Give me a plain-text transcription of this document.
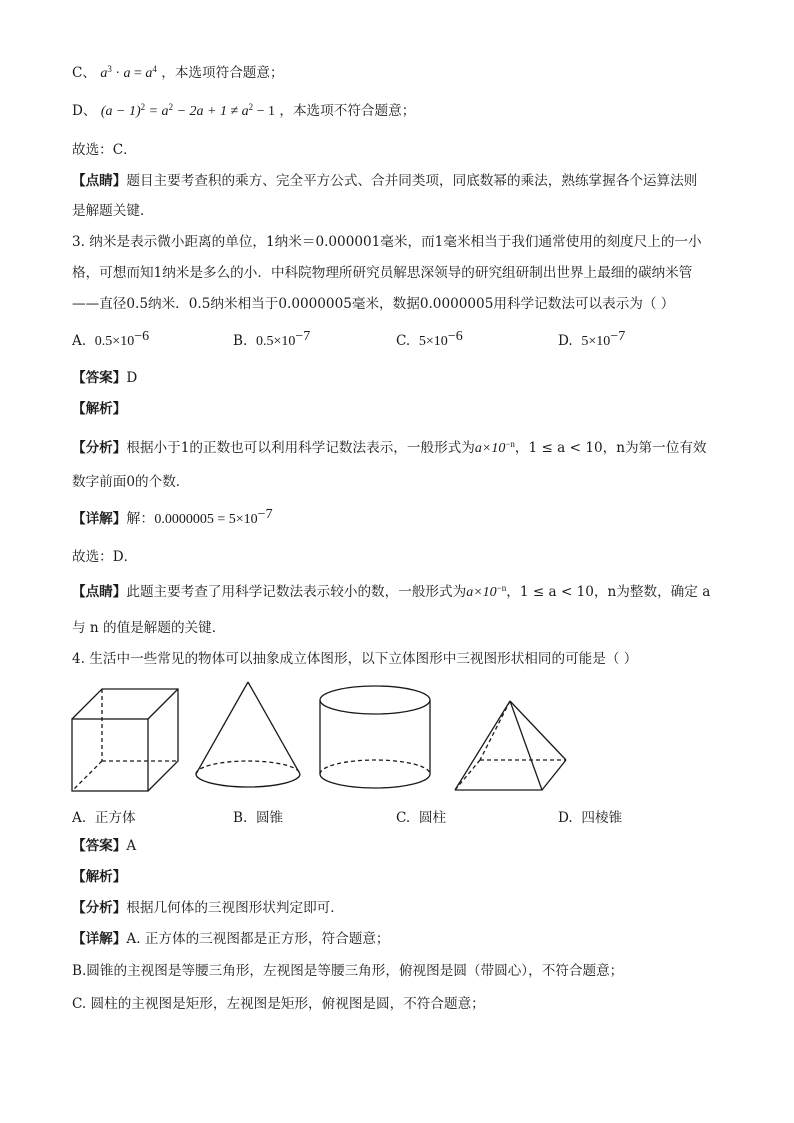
C、 $a^3 \cdot a = a^4$ ，本选项符合题意；
D、 $(a - 1)^2 = a^2 - 2a + 1 \ne a^2 - 1$ ，本选项不符合题意；
故选：C．
【点睛】题目主要考查积的乘方、完全平方公式、合并同类项，同底数幂的乘法，熟练掌握各个运算法则
是解题关键．
3. 纳米是表示微小距离的单位，1纳米＝0.000001毫米，而1毫米相当于我们通常使用的刻度尺上的一小
格，可想而知1纳米是多么的小．中科院物理所研究员解思深领导的研究组研制出世界上最细的碳纳米管
——直径0.5纳米．0.5纳米相当于0.0000005毫米，数据0.0000005用科学记数法可以表示为（ ）
A. $0.5\times 10^{-6}$	B. $0.5\times 10^{-7}$	C. $5\times 10^{-6}$	D. $5\times 10^{-7}$
【答案】D
【解析】
【分析】根据小于1的正数也可以利用科学记数法表示，一般形式为$a\times 10^{-n}$，1 ≤ a < 10，n为第一位有效
数字前面0的个数．
【详解】解：$0.0000005 = 5\times 10^{-7}$
故选：D．
【点睛】此题主要考查了用科学记数法表示较小的数，一般形式为$a\times 10^{-n}$，1 ≤ a < 10，n为整数，确定 a
与 n 的值是解题的关键．
4. 生活中一些常见的物体可以抽象成立体图形，以下立体图形中三视图形状相同的可能是（ ）
A. 正方体	B. 圆锥	C. 圆柱	D. 四棱锥
【答案】A
【解析】
【分析】根据几何体的三视图形状判定即可．
【详解】A. 正方体的三视图都是正方形，符合题意；
B.圆锥的主视图是等腰三角形，左视图是等腰三角形，俯视图是圆（带圆心），不符合题意；
C. 圆柱的主视图是矩形，左视图是矩形，俯视图是圆，不符合题意；
